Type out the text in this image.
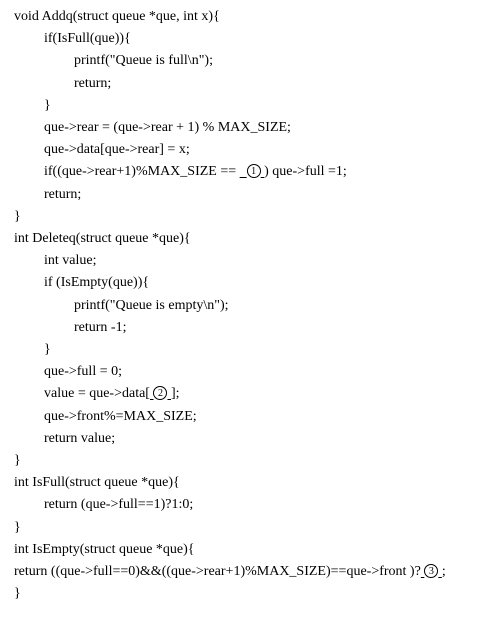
void Addq(struct queue *que, int x){
if(IsFull(que)){
printf("Queue is full\n");
return;
}
que->rear = (que->rear + 1) % MAX_SIZE;
que->data[que->rear] = x;
if((que->rear+1)%MAX_SIZE ==   1 ) que->full =1;
return;
}
int Deleteq(struct queue *que){
int value;
if (IsEmpty(que)){
printf("Queue is empty\n");
return -1;
}
que->full = 0;
value = que->data[ 2 ];
que->front%=MAX_SIZE;
return value;
}
int IsFull(struct queue *que){
return (que->full==1)?1:0;
}
int IsEmpty(struct queue *que){
return ((que->full==0)&&((que->rear+1)%MAX_SIZE)==que->front )? 3 ;
}
